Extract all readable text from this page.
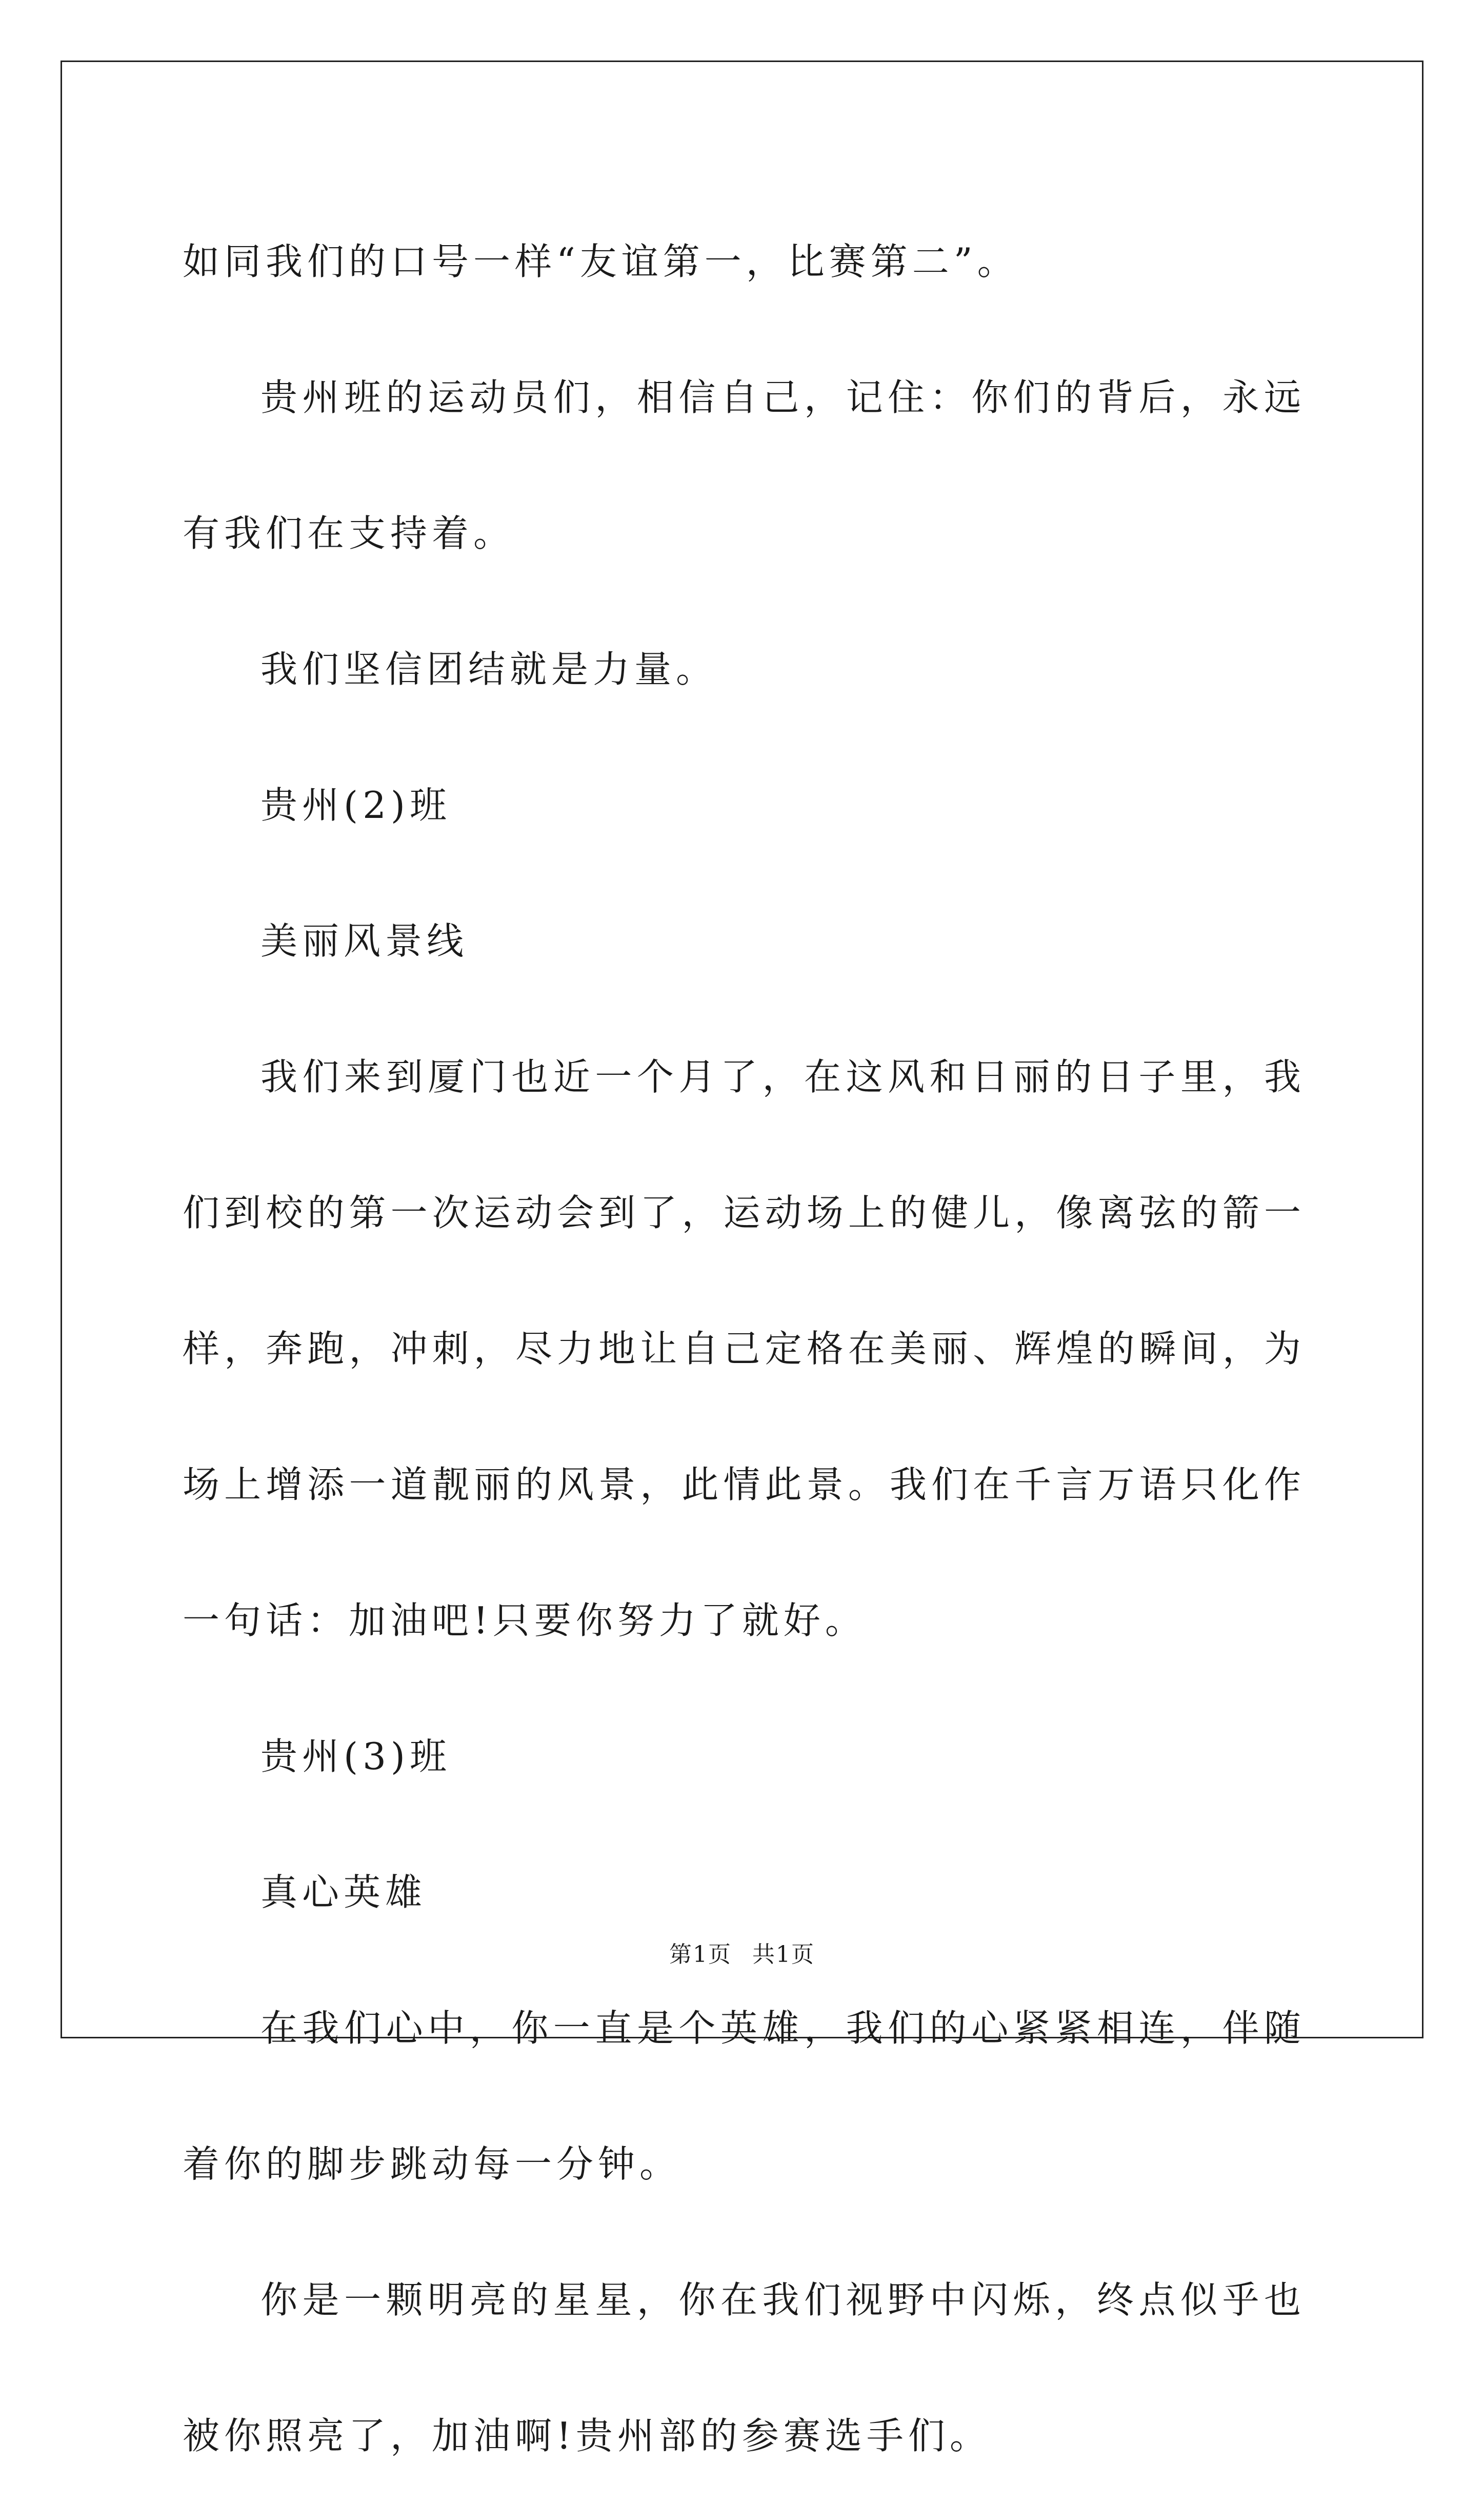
如同我们的口号一样“友谊第一，比赛第二”。

贵州班的运动员们，相信自己，记住：你们的背后，永远有我们在支持着。

我们坚信团结就是力量。

贵州(2)班

美丽风景线

我们来到厦门也近一个月了，在这风和日丽的日子里，我们到校的第一次运动会到了，运动场上的健儿，像离弦的箭一样，奔跑，冲刺，尽力地让自己定格在美丽、辉煌的瞬间，为场上增添一道靓丽的风景，此情此景。我们在千言万语只化作一句话：加油吧!只要你努力了就好。

贵州(3)班

真心英雄

在我们心中，你一直是个英雄，我们的心紧紧相连，伴随着你的脚步跳动每一分钟。

你是一颗明亮的星星，你在我们视野中闪烁，终点似乎也被你照亮了，加油啊!贵州部的参赛选手们。

第1页 共1页
